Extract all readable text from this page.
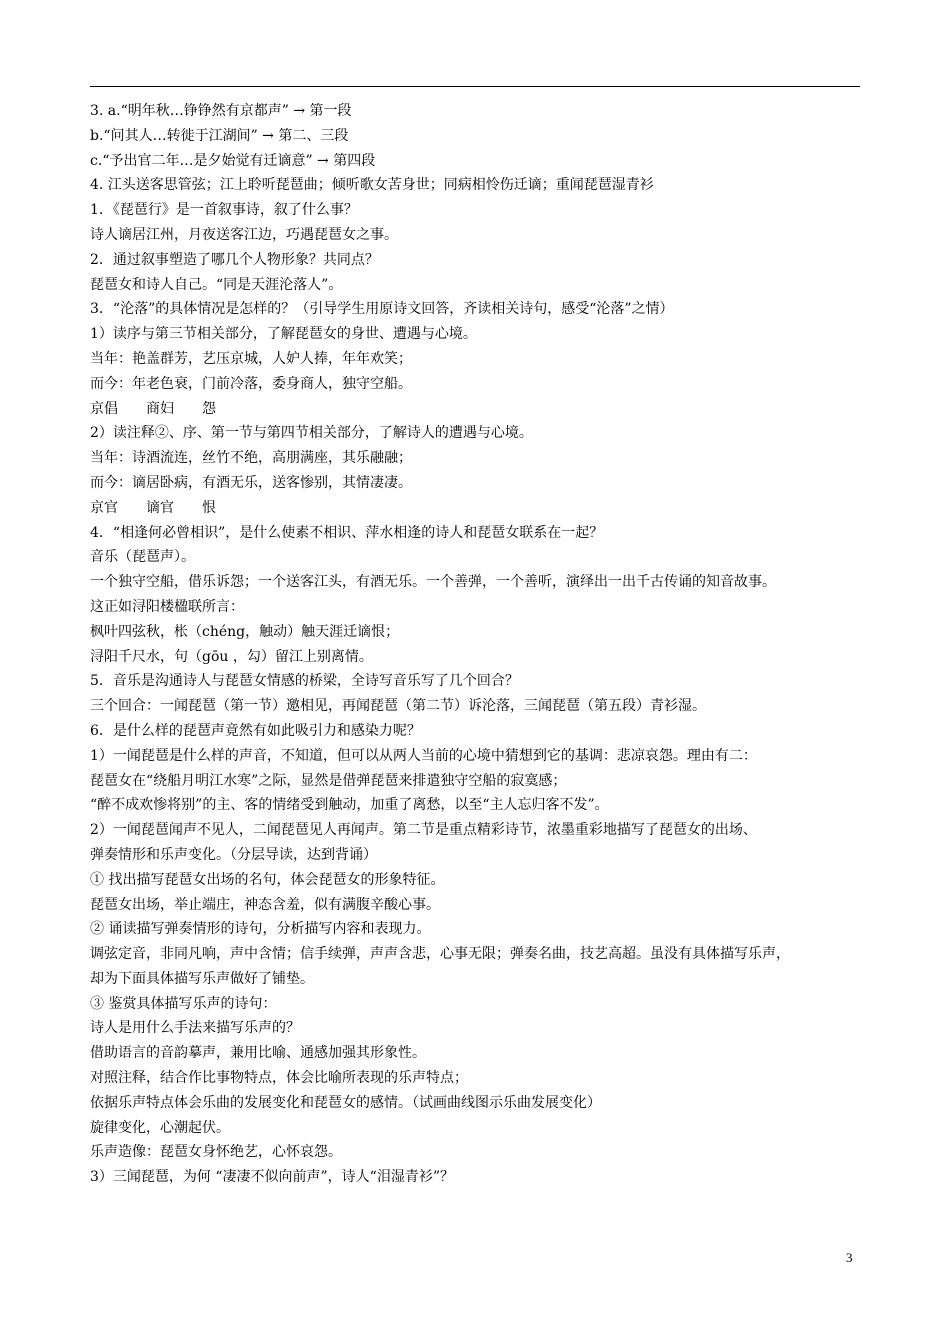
3. a.“明年秋…铮铮然有京都声” → 第一段
b.“问其人…转徙于江湖间” → 第二、三段
c.“予出官二年…是夕始觉有迁谪意” → 第四段
4. 江头送客思管弦；江上聆听琵琶曲；倾听歌女苦身世；同病相怜伤迁谪；重闻琵琶湿青衫
1．《琵琶行》是一首叙事诗，叙了什么事？
诗人谪居江州，月夜送客江边，巧遇琵琶女之事。
2．通过叙事塑造了哪几个人物形象？共同点？
琵琶女和诗人自己。“同是天涯沦落人”。
3．“沦落”的具体情况是怎样的？（引导学生用原诗文回答，齐读相关诗句，感受“沦落”之情）
1）读序与第三节相关部分，了解琵琶女的身世、遭遇与心境。
当年：艳盖群芳，艺压京城，人妒人捧，年年欢笑；
而今：年老色衰，门前冷落，委身商人，独守空船。
京倡　　商妇　　怨
2）读注释②、序、第一节与第四节相关部分，了解诗人的遭遇与心境。
当年：诗酒流连，丝竹不绝，高朋满座，其乐融融；
而今：谪居卧病，有酒无乐，送客惨别，其情凄凄。
京官　　谪官　　恨
4．“相逢何必曾相识”，是什么使素不相识、萍水相逢的诗人和琵琶女联系在一起？
音乐（琵琶声）。
一个独守空船，借乐诉怨；一个送客江头，有酒无乐。一个善弹，一个善听，演绎出一出千古传诵的知音故事。
这正如浔阳楼楹联所言：
枫叶四弦秋，枨（chéng，触动）触天涯迁谪恨；
浔阳千尺水，句（gōu ，勾）留江上别离情。
5．音乐是沟通诗人与琵琶女情感的桥梁，全诗写音乐写了几个回合？
三个回合：一闻琵琶（第一节）邀相见，再闻琵琶（第二节）诉沦落，三闻琵琶（第五段）青衫湿。
6．是什么样的琵琶声竟然有如此吸引力和感染力呢？
1）一闻琵琶是什么样的声音，不知道，但可以从两人当前的心境中猜想到它的基调：悲凉哀怨。理由有二：
琵琶女在“绕船月明江水寒”之际，显然是借弹琵琶来排遣独守空船的寂寞感；
“醉不成欢惨将别”的主、客的情绪受到触动，加重了离愁，以至“主人忘归客不发”。
2）一闻琵琶闻声不见人，二闻琵琶见人再闻声。第二节是重点精彩诗节，浓墨重彩地描写了琵琶女的出场、
弹奏情形和乐声变化。（分层导读，达到背诵）
① 找出描写琵琶女出场的名句，体会琵琶女的形象特征。
琵琶女出场，举止端庄，神态含羞，似有满腹辛酸心事。
② 诵读描写弹奏情形的诗句，分析描写内容和表现力。
调弦定音，非同凡响，声中含情；信手续弹，声声含悲，心事无限；弹奏名曲，技艺高超。虽没有具体描写乐声，
却为下面具体描写乐声做好了铺垫。
③ 鉴赏具体描写乐声的诗句：
诗人是用什么手法来描写乐声的？
借助语言的音韵摹声，兼用比喻、通感加强其形象性。
对照注释，结合作比事物特点，体会比喻所表现的乐声特点；
依据乐声特点体会乐曲的发展变化和琵琶女的感情。（试画曲线图示乐曲发展变化）
旋律变化，心潮起伏。
乐声造像：琵琶女身怀绝艺，心怀哀怨。
3）三闻琵琶，为何 “凄凄不似向前声”，诗人“泪湿青衫”？
3
